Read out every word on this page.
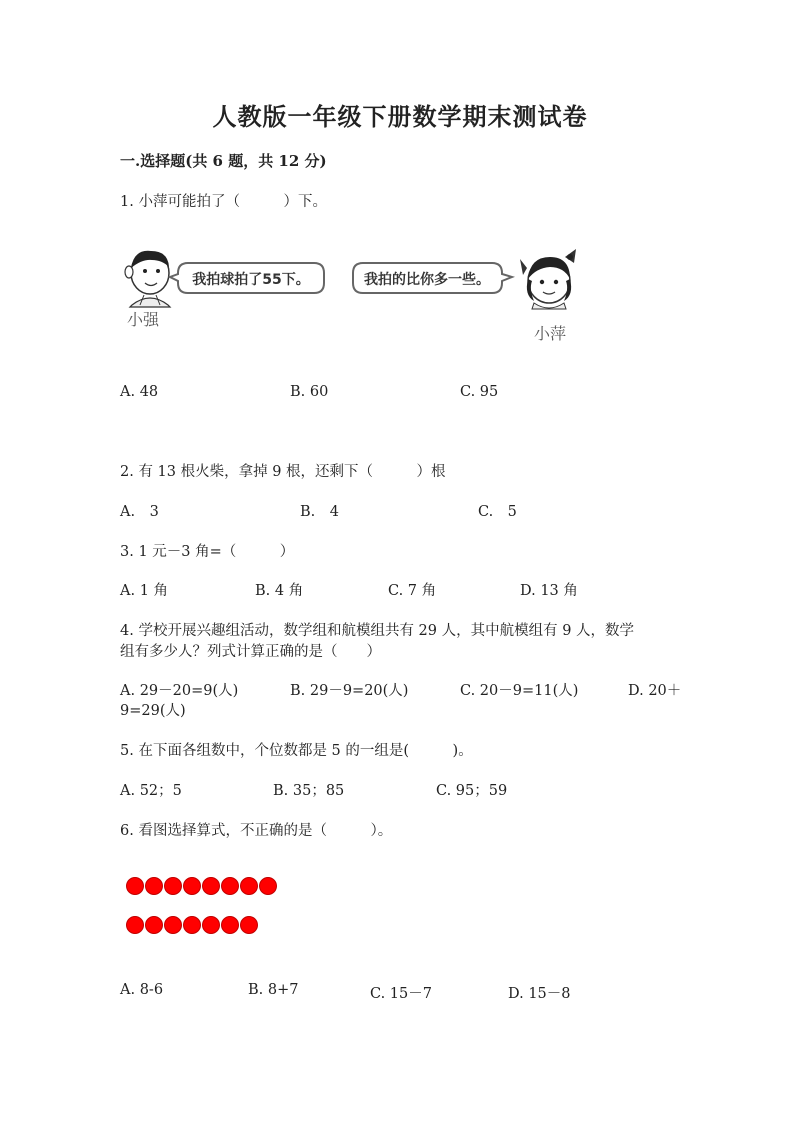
人教版一年级下册数学期末测试卷
一.选择题(共 6 题，共 12 分)
1. 小萍可能拍了（　　　）下。
我拍球拍了55下。	我拍的比你多一些。
小强
小萍
A. 48	B. 60	C. 95
2. 有 13 根火柴，拿掉 9 根，还剩下（　　　）根
A.　3	B.　4	C.　5
3. 1 元－3 角=（　　　）
A. 1 角	B. 4 角	C. 7 角	D. 13 角
4. 学校开展兴趣组活动，数学组和航模组共有 29 人，其中航模组有 9 人，数学
组有多少人？列式计算正确的是（　　）
A. 29－20=9(人)	B. 29－9=20(人)	C. 20－9=11(人)	D. 20＋
9=29(人)
5. 在下面各组数中，个位数都是 5 的一组是(　　　)。
A. 52；5	B. 35；85	C. 95；59
6. 看图选择算式，不正确的是（　　　）。
A. 8-6	B. 8+7	C. 15－7	D. 15－8
